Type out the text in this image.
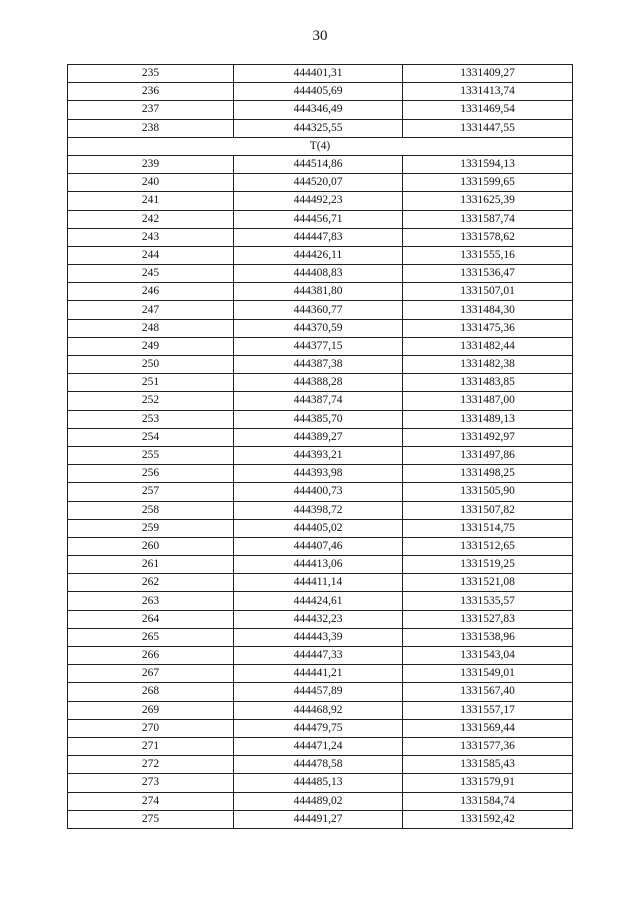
30
235	444401,31	1331409,27
236	444405,69	1331413,74
237	444346,49	1331469,54
238	444325,55	1331447,55
T(4)		
239	444514,86	1331594,13
240	444520,07	1331599,65
241	444492,23	1331625,39
242	444456,71	1331587,74
243	444447,83	1331578,62
244	444426,11	1331555,16
245	444408,83	1331536,47
246	444381,80	1331507,01
247	444360,77	1331484,30
248	444370,59	1331475,36
249	444377,15	1331482,44
250	444387,38	1331482,38
251	444388,28	1331483,85
252	444387,74	1331487,00
253	444385,70	1331489,13
254	444389,27	1331492,97
255	444393,21	1331497,86
256	444393,98	1331498,25
257	444400,73	1331505,90
258	444398,72	1331507,82
259	444405,02	1331514,75
260	444407,46	1331512,65
261	444413,06	1331519,25
262	444411,14	1331521,08
263	444424,61	1331535,57
264	444432,23	1331527,83
265	444443,39	1331538,96
266	444447,33	1331543,04
267	444441,21	1331549,01
268	444457,89	1331567,40
269	444468,92	1331557,17
270	444479,75	1331569,44
271	444471,24	1331577,36
272	444478,58	1331585,43
273	444485,13	1331579,91
274	444489,02	1331584,74
275	444491,27	1331592,42
